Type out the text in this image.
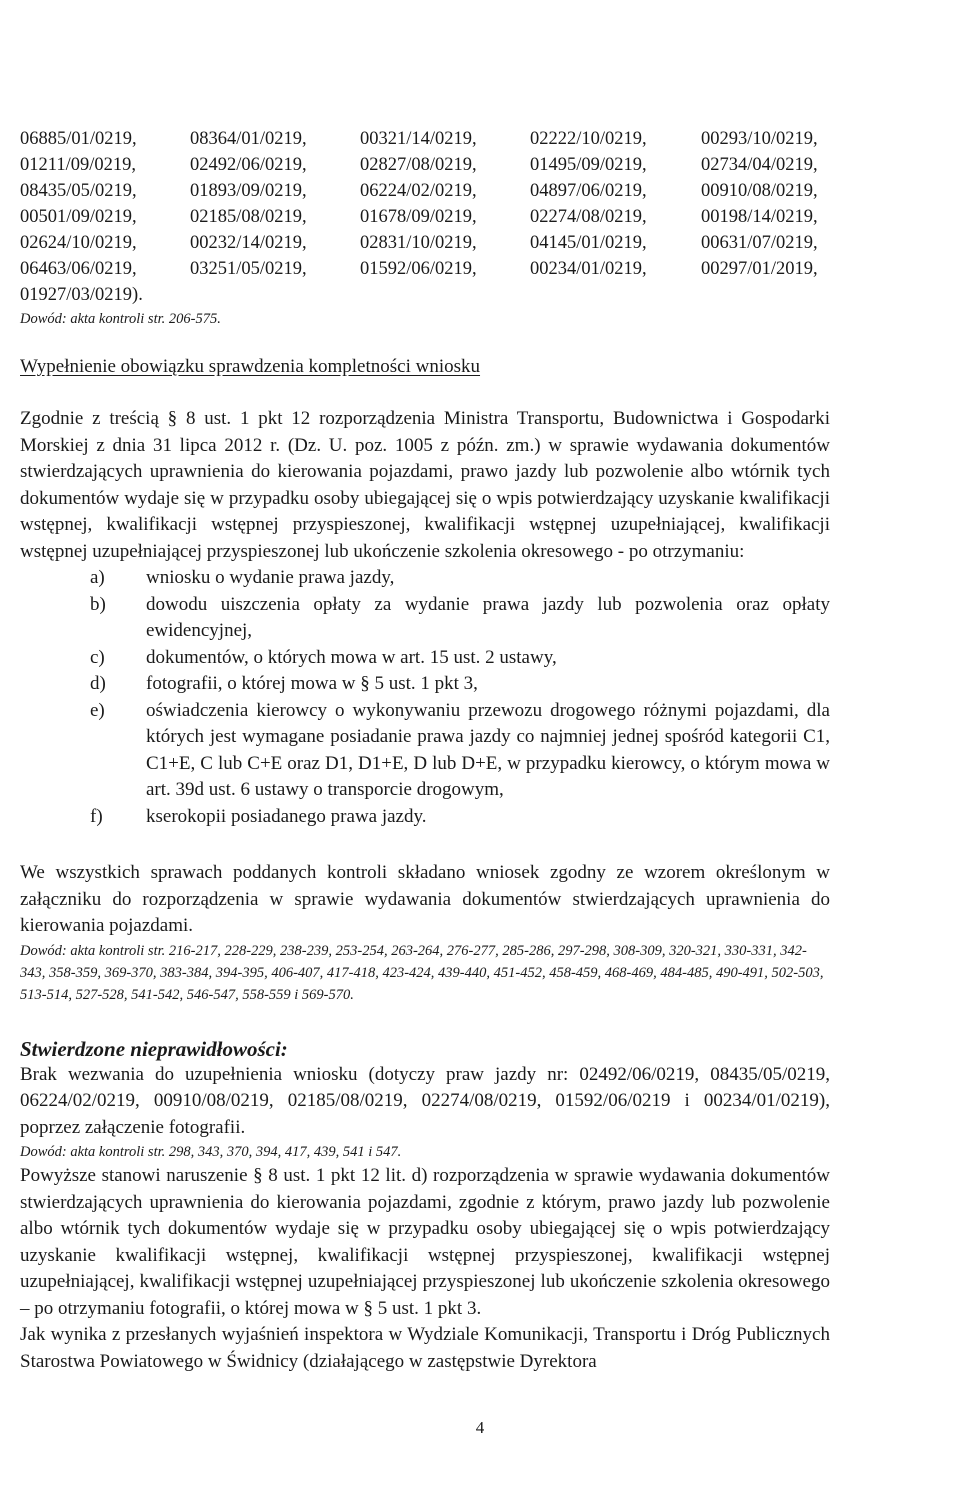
06885/01/0219,	08364/01/0219,	00321/14/0219,	02222/10/0219,	00293/10/0219,
01211/09/0219,	02492/06/0219,	02827/08/0219,	01495/09/0219,	02734/04/0219,
08435/05/0219,	01893/09/0219,	06224/02/0219,	04897/06/0219,	00910/08/0219,
00501/09/0219,	02185/08/0219,	01678/09/0219,	02274/08/0219,	00198/14/0219,
02624/10/0219,	00232/14/0219,	02831/10/0219,	04145/01/0219,	00631/07/0219,
06463/06/0219,	03251/05/0219,	01592/06/0219,	00234/01/0219,	00297/01/2019,
01927/03/0219).
Dowód: akta kontroli str. 206-575.
Wypełnienie obowiązku sprawdzenia kompletności wniosku

Zgodnie z treścią § 8 ust. 1 pkt 12 rozporządzenia Ministra Transportu, Budownictwa i Gospodarki Morskiej z dnia 31 lipca 2012 r. (Dz. U. poz. 1005 z późn. zm.) w sprawie wydawania dokumentów stwierdzających uprawnienia do kierowania pojazdami, prawo jazdy lub pozwolenie albo wtórnik tych dokumentów wydaje się w przypadku osoby ubiegającej się o wpis potwierdzający uzyskanie kwalifikacji wstępnej, kwalifikacji wstępnej przyspieszonej, kwalifikacji wstępnej uzupełniającej, kwalifikacji wstępnej uzupełniającej przyspieszonej lub ukończenie szkolenia okresowego - po otrzymaniu:

a) wniosku o wydanie prawa jazdy,
b) dowodu uiszczenia opłaty za wydanie prawa jazdy lub pozwolenia oraz opłaty ewidencyjnej,
c) dokumentów, o których mowa w art. 15 ust. 2 ustawy,
d) fotografii, o której mowa w § 5 ust. 1 pkt 3,
e) oświadczenia kierowcy o wykonywaniu przewozu drogowego różnymi pojazdami, dla których jest wymagane posiadanie prawa jazdy co najmniej jednej spośród kategorii C1, C1+E, C lub C+E oraz D1, D1+E, D lub D+E, w przypadku kierowcy, o którym mowa w art. 39d ust. 6 ustawy o transporcie drogowym,
f) kserokopii posiadanego prawa jazdy.

We wszystkich sprawach poddanych kontroli składano wniosek zgodny ze wzorem określonym w załączniku do rozporządzenia w sprawie wydawania dokumentów stwierdzających uprawnienia do kierowania pojazdami.

Dowód: akta kontroli str. 216-217, 228-229, 238-239, 253-254, 263-264, 276-277, 285-286, 297-298, 308-309, 320-321, 330-331, 342-343, 358-359, 369-370, 383-384, 394-395, 406-407, 417-418, 423-424, 439-440, 451-452, 458-459, 468-469, 484-485, 490-491, 502-503, 513-514, 527-528, 541-542, 546-547, 558-559 i 569-570.
Stwierdzone nieprawidłowości:

Brak wezwania do uzupełnienia wniosku (dotyczy praw jazdy nr: 02492/06/0219, 08435/05/0219, 06224/02/0219, 00910/08/0219, 02185/08/0219, 02274/08/0219, 01592/06/0219 i 00234/01/0219), poprzez załączenie fotografii.

Dowód: akta kontroli str. 298, 343, 370, 394, 417, 439, 541 i 547.

Powyższe stanowi naruszenie § 8 ust. 1 pkt 12 lit. d) rozporządzenia w sprawie wydawania dokumentów stwierdzających uprawnienia do kierowania pojazdami, zgodnie z którym, prawo jazdy lub pozwolenie albo wtórnik tych dokumentów wydaje się w przypadku osoby ubiegającej się o wpis potwierdzający uzyskanie kwalifikacji wstępnej, kwalifikacji wstępnej przyspieszonej, kwalifikacji wstępnej uzupełniającej, kwalifikacji wstępnej uzupełniającej przyspieszonej lub ukończenie szkolenia okresowego – po otrzymaniu fotografii, o której mowa w § 5 ust. 1 pkt 3.

Jak wynika z przesłanych wyjaśnień inspektora w Wydziale Komunikacji, Transportu i Dróg Publicznych Starostwa Powiatowego w Świdnicy (działającego w zastępstwie Dyrektora

4
